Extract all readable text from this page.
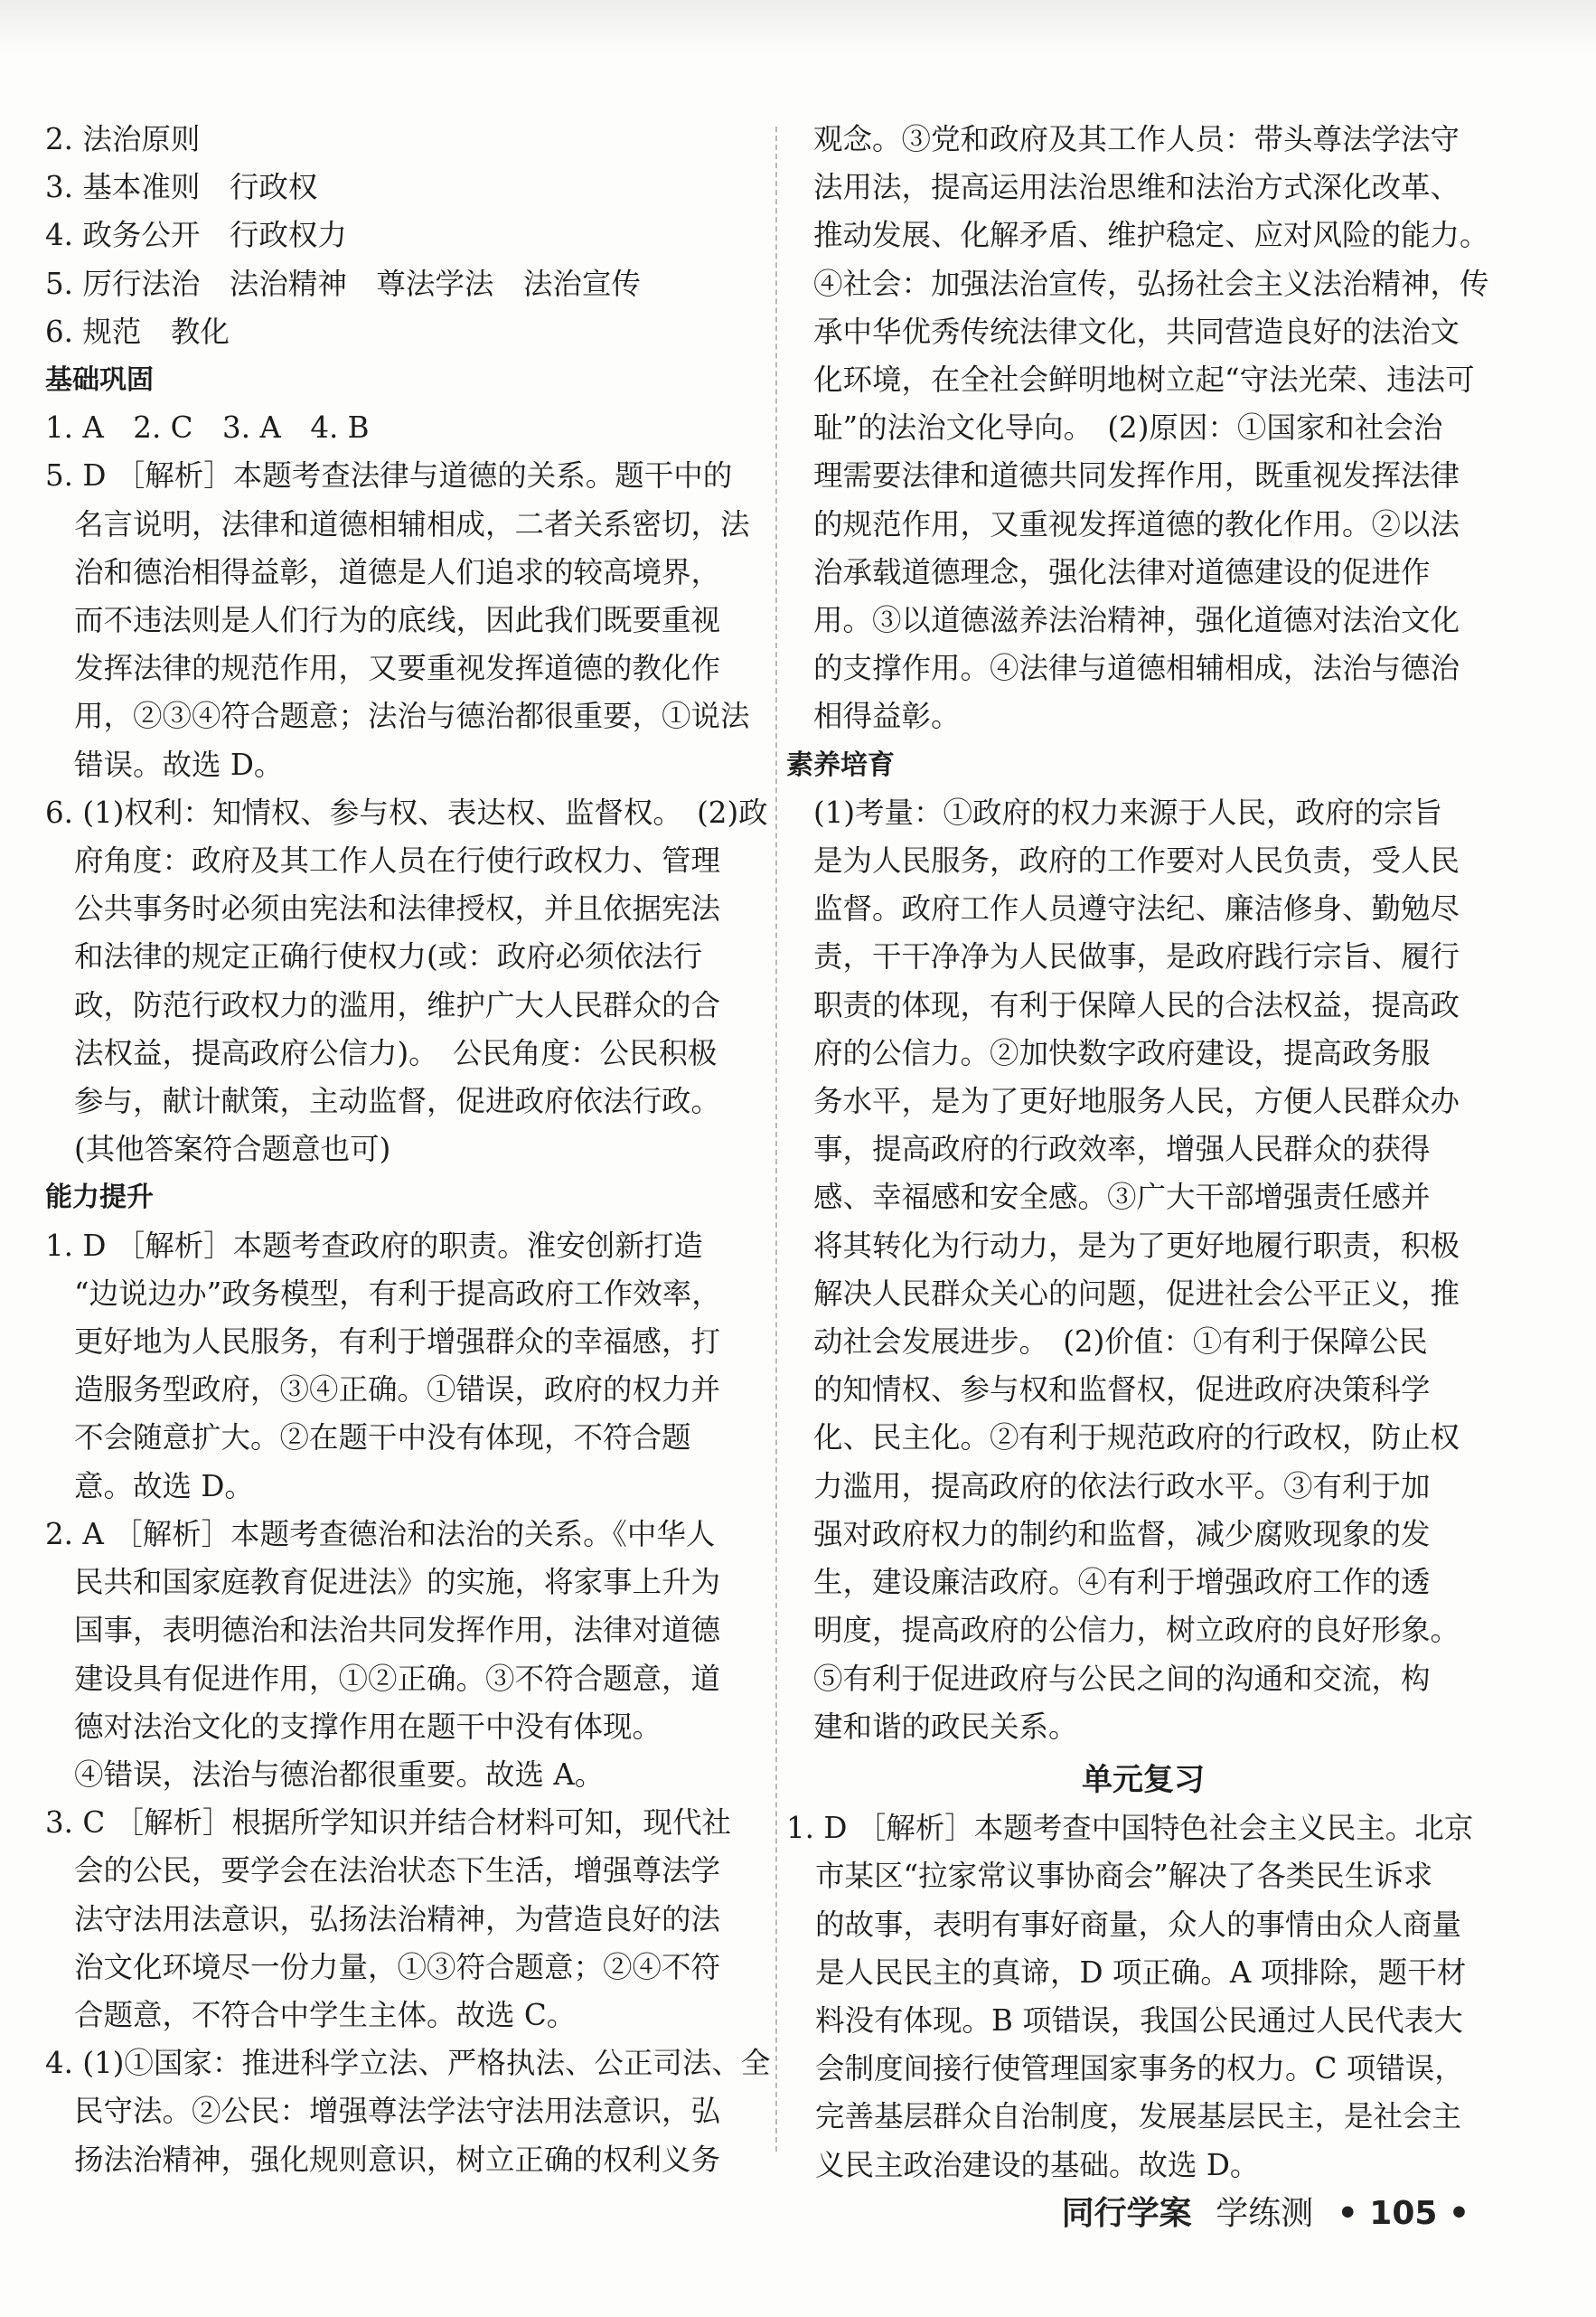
2. 法治原则
3. 基本准则　行政权
4. 政务公开　行政权力
5. 厉行法治　法治精神　尊法学法　法治宣传
6. 规范　教化
基础巩固
1. A　2. C　3. A　4. B
5. D ［解析］本题考查法律与道德的关系。题干中的
名言说明，法律和道德相辅相成，二者关系密切，法
治和德治相得益彰，道德是人们追求的较高境界，
而不违法则是人们行为的底线，因此我们既要重视
发挥法律的规范作用，又要重视发挥道德的教化作
用，②③④符合题意；法治与德治都很重要，①说法
错误。故选 D。
6. (1)权利：知情权、参与权、表达权、监督权。　(2)政
府角度：政府及其工作人员在行使行政权力、管理
公共事务时必须由宪法和法律授权，并且依据宪法
和法律的规定正确行使权力(或：政府必须依法行
政，防范行政权力的滥用，维护广大人民群众的合
法权益，提高政府公信力)。　公民角度：公民积极
参与，献计献策，主动监督，促进政府依法行政。
(其他答案符合题意也可)
能力提升
1. D ［解析］本题考查政府的职责。淮安创新打造
“边说边办”政务模型，有利于提高政府工作效率，
更好地为人民服务，有利于增强群众的幸福感，打
造服务型政府，③④正确。①错误，政府的权力并
不会随意扩大。②在题干中没有体现，不符合题
意。故选 D。
2. A ［解析］本题考查德治和法治的关系。《中华人
民共和国家庭教育促进法》的实施，将家事上升为
国事，表明德治和法治共同发挥作用，法律对道德
建设具有促进作用，①②正确。③不符合题意，道
德对法治文化的支撑作用在题干中没有体现。
④错误，法治与德治都很重要。故选 A。
3. C ［解析］根据所学知识并结合材料可知，现代社
会的公民，要学会在法治状态下生活，增强尊法学
法守法用法意识，弘扬法治精神，为营造良好的法
治文化环境尽一份力量，①③符合题意；②④不符
合题意，不符合中学生主体。故选 C。
4. (1)①国家：推进科学立法、严格执法、公正司法、全
民守法。②公民：增强尊法学法守法用法意识，弘
扬法治精神，强化规则意识，树立正确的权利义务
观念。③党和政府及其工作人员：带头尊法学法守
法用法，提高运用法治思维和法治方式深化改革、
推动发展、化解矛盾、维护稳定、应对风险的能力。
④社会：加强法治宣传，弘扬社会主义法治精神，传
承中华优秀传统法律文化，共同营造良好的法治文
化环境，在全社会鲜明地树立起“守法光荣、违法可
耻”的法治文化导向。　(2)原因：①国家和社会治
理需要法律和道德共同发挥作用，既重视发挥法律
的规范作用，又重视发挥道德的教化作用。②以法
治承载道德理念，强化法律对道德建设的促进作
用。③以道德滋养法治精神，强化道德对法治文化
的支撑作用。④法律与道德相辅相成，法治与德治
相得益彰。
素养培育
(1)考量：①政府的权力来源于人民，政府的宗旨
是为人民服务，政府的工作要对人民负责，受人民
监督。政府工作人员遵守法纪、廉洁修身、勤勉尽
责，干干净净为人民做事，是政府践行宗旨、履行
职责的体现，有利于保障人民的合法权益，提高政
府的公信力。②加快数字政府建设，提高政务服
务水平，是为了更好地服务人民，方便人民群众办
事，提高政府的行政效率，增强人民群众的获得
感、幸福感和安全感。③广大干部增强责任感并
将其转化为行动力，是为了更好地履行职责，积极
解决人民群众关心的问题，促进社会公平正义，推
动社会发展进步。　(2)价值：①有利于保障公民
的知情权、参与权和监督权，促进政府决策科学
化、民主化。②有利于规范政府的行政权，防止权
力滥用，提高政府的依法行政水平。③有利于加
强对政府权力的制约和监督，减少腐败现象的发
生，建设廉洁政府。④有利于增强政府工作的透
明度，提高政府的公信力，树立政府的良好形象。
⑤有利于促进政府与公民之间的沟通和交流，构
建和谐的政民关系。
单元复习
1. D ［解析］本题考查中国特色社会主义民主。北京
市某区“拉家常议事协商会”解决了各类民生诉求
的故事，表明有事好商量，众人的事情由众人商量
是人民民主的真谛，D 项正确。A 项排除，题干材
料没有体现。B 项错误，我国公民通过人民代表大
会制度间接行使管理国家事务的权力。C 项错误，
完善基层群众自治制度，发展基层民主，是社会主
义民主政治建设的基础。故选 D。
同行学案 学练测 • 105 •
